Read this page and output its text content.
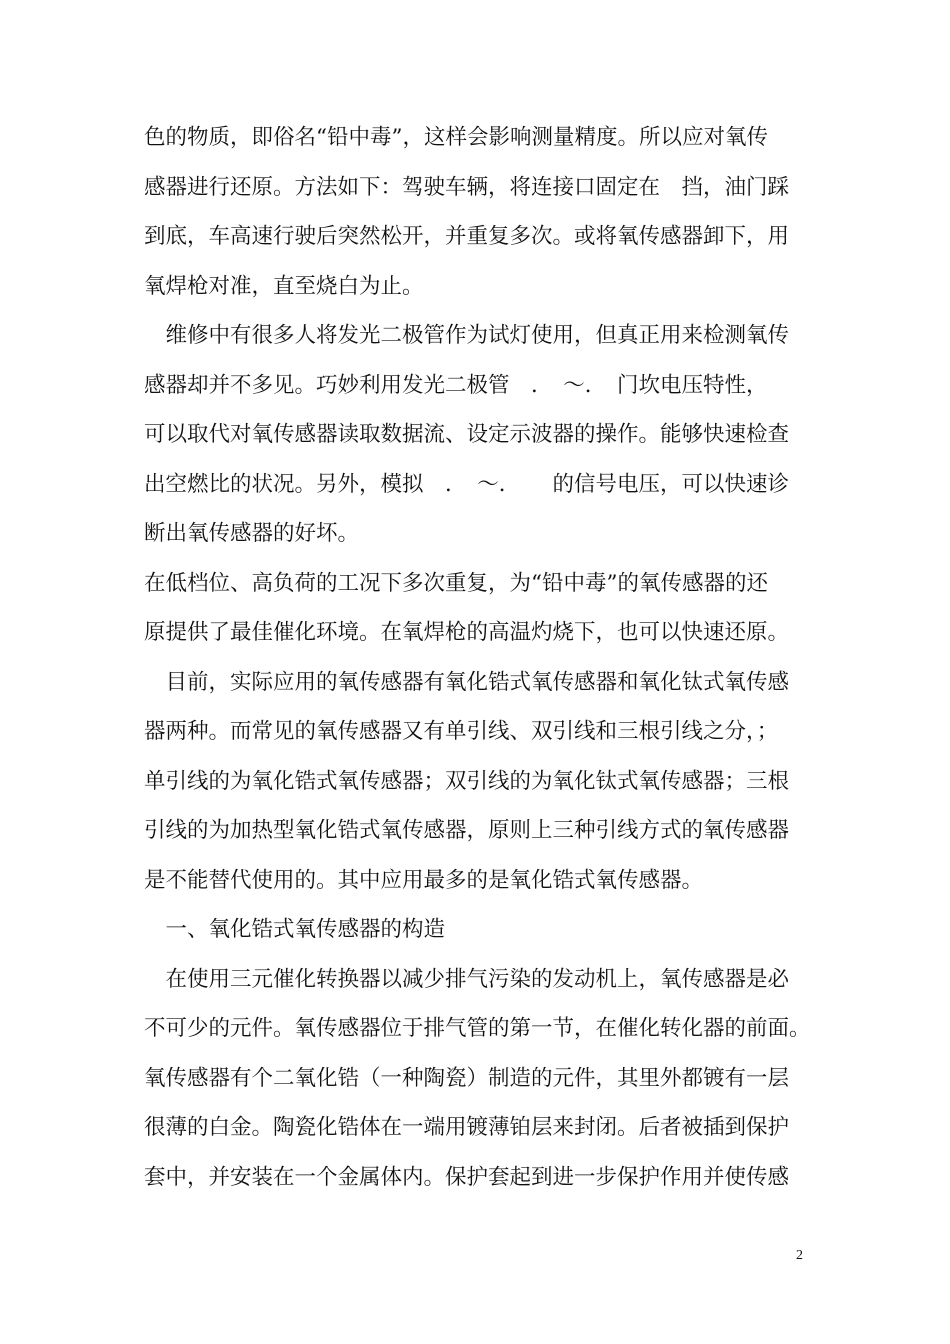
色的物质，即俗名“铅中毒”，这样会影响测量精度。所以应对氧传
感器进行还原。方法如下：驾驶车辆，将连接口固定在　挡，油门踩
到底，车高速行驶后突然松开，并重复多次。或将氧传感器卸下，用
氧焊枪对准，直至烧白为止。
　维修中有很多人将发光二极管作为试灯使用，但真正用来检测氧传
感器却并不多见。巧妙利用发光二极管　．　～．　门坎电压特性，
可以取代对氧传感器读取数据流、设定示波器的操作。能够快速检查
出空燃比的状况。另外，模拟　．　～．　　的信号电压，可以快速诊
断出氧传感器的好坏。
在低档位、高负荷的工况下多次重复，为“铅中毒”的氧传感器的还
原提供了最佳催化环境。在氧焊枪的高温灼烧下，也可以快速还原。
　目前，实际应用的氧传感器有氧化锆式氧传感器和氧化钛式氧传感
器两种。而常见的氧传感器又有单引线、双引线和三根引线之分，；
单引线的为氧化锆式氧传感器；双引线的为氧化钛式氧传感器；三根
引线的为加热型氧化锆式氧传感器，原则上三种引线方式的氧传感器
是不能替代使用的。其中应用最多的是氧化锆式氧传感器。
　一、氧化锆式氧传感器的构造
　在使用三元催化转换器以减少排气污染的发动机上，氧传感器是必
不可少的元件。氧传感器位于排气管的第一节，在催化转化器的前面。
氧传感器有个二氧化锆（一种陶瓷）制造的元件，其里外都镀有一层
很薄的白金。陶瓷化锆体在一端用镀薄铂层来封闭。后者被插到保护
套中，并安装在一个金属体内。保护套起到进一步保护作用并使传感
2
